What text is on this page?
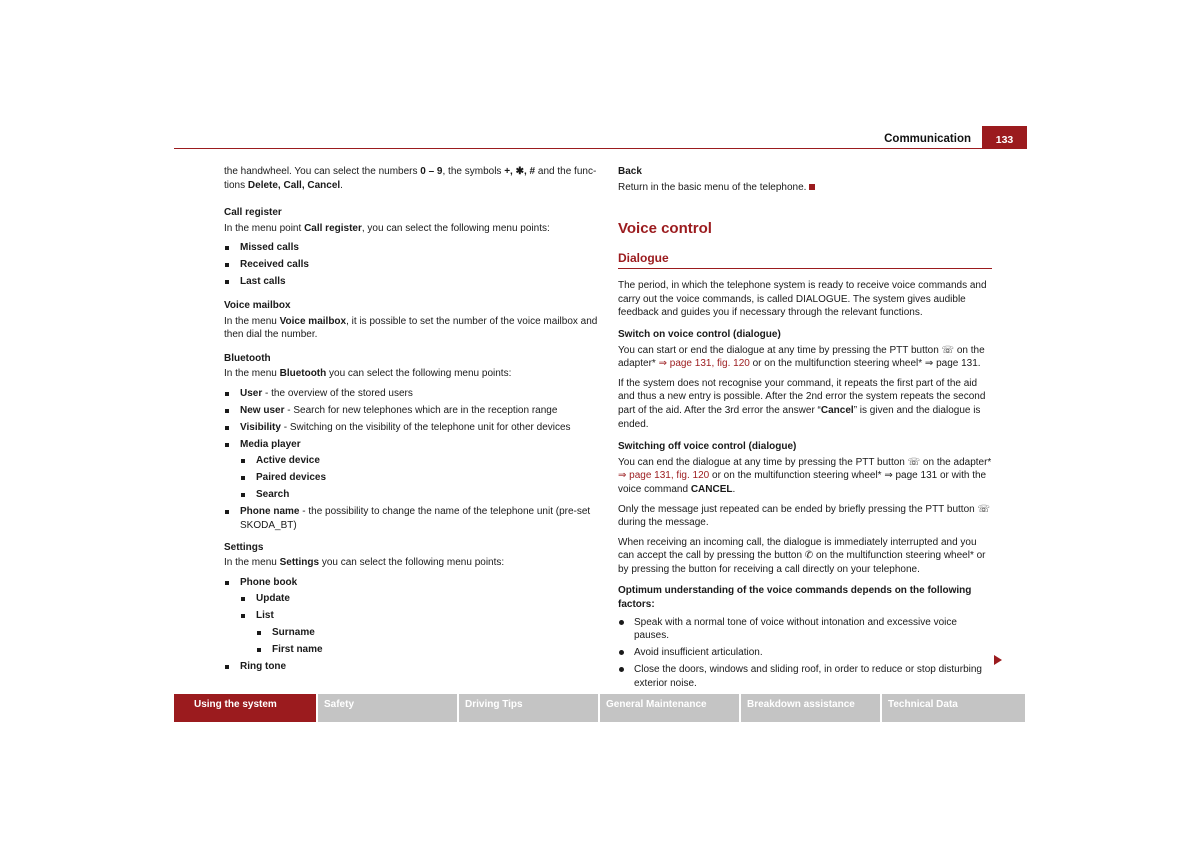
Communication	133

the handwheel. You can select the numbers 0 – 9, the symbols +, ✱, # and the func-tions Delete, Call, Cancel.

Call register

In the menu point Call register, you can select the following menu points:

Missed calls
Received calls
Last calls
Voice mailbox

In the menu Voice mailbox, it is possible to set the number of the voice mailbox and then dial the number.

Bluetooth

In the menu Bluetooth you can select the following menu points:

User - the overview of the stored users
New user - Search for new telephones which are in the reception range
Visibility - Switching on the visibility of the telephone unit for other devices
Media player
Active device
Paired devices
Search
Phone name - the possibility to change the name of the telephone unit (pre-set SKODA_BT)
Settings

In the menu Settings you can select the following menu points:

Phone book
Update
List
Surname
First name
Ring tone
Back

Return in the basic menu of the telephone.

Voice control
Dialogue

The period, in which the telephone system is ready to receive voice commands and carry out the voice commands, is called DIALOGUE. The system gives audible feedback and guides you if necessary through the relevant functions.

Switch on voice control (dialogue)

You can start or end the dialogue at any time by pressing the PTT button ☏ on the adapter* ⇒ page 131, fig. 120 or on the multifunction steering wheel* ⇒ page 131.

If the system does not recognise your command, it repeats the first part of the aid and thus a new entry is possible. After the 2nd error the system repeats the second part of the aid. After the 3rd error the answer “Cancel” is given and the dialogue is ended.

Switching off voice control (dialogue)

You can end the dialogue at any time by pressing the PTT button ☏ on the adapter* ⇒ page 131, fig. 120 or on the multifunction steering wheel* ⇒ page 131 or with the voice command CANCEL.

Only the message just repeated can be ended by briefly pressing the PTT button ☏ during the message.

When receiving an incoming call, the dialogue is immediately interrupted and you can accept the call by pressing the button ✆ on the multifunction steering wheel* or by pressing the button for receiving a call directly on your telephone.

Optimum understanding of the voice commands depends on the following factors:
Speak with a normal tone of voice without intonation and excessive voice pauses.
Avoid insufficient articulation.
Close the doors, windows and sliding roof, in order to reduce or stop disturbing exterior noise.
Using the system	Safety	Driving Tips	General Maintenance	Breakdown assistance	Technical Data
